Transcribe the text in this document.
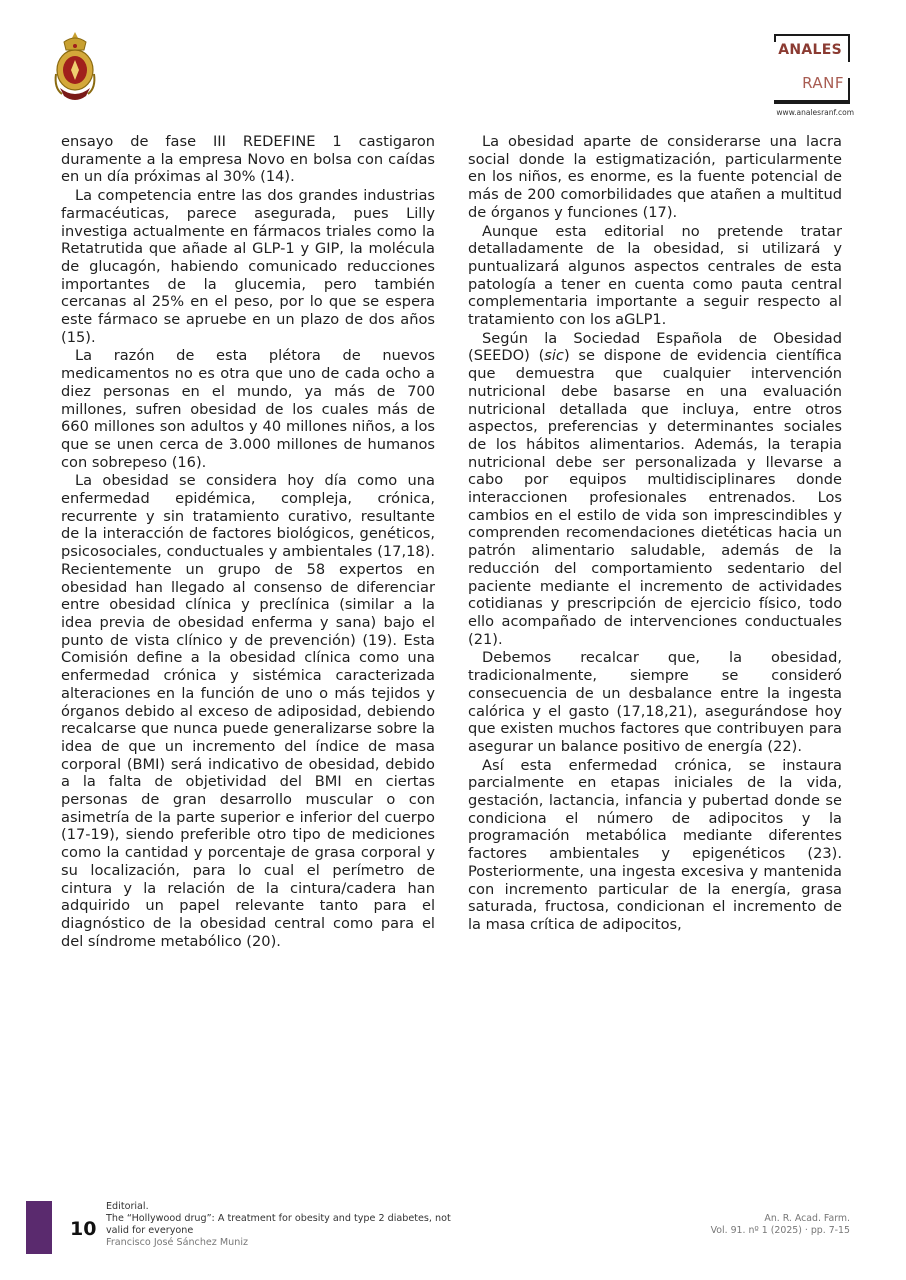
ANALES
RANF
www.analesranf.com

ensayo de fase III REDEFINE 1 castigaron duramente a la empresa Novo en bolsa con caídas en un día próximas al 30% (14).

La competencia entre las dos grandes industrias farmacéuticas, parece asegurada, pues Lilly investiga actualmente en fármacos triales como la Retatrutida que añade al GLP-1 y GIP, la molécula de glucagón, habiendo comunicado reducciones importantes de la glucemia, pero también cercanas al 25% en el peso, por lo que se espera este fármaco se apruebe en un plazo de dos años (15).

La razón de esta plétora de nuevos medicamentos no es otra que uno de cada ocho a diez personas en el mundo, ya más de 700 millones, sufren obesidad de los cuales más de 660 millones son adultos y 40 millones niños, a los que se unen cerca de 3.000 millones de humanos con sobrepeso (16).

La obesidad se considera hoy día como una enfermedad epidémica, compleja, crónica, recurrente y sin tratamiento curativo, resultante de la interacción de factores biológicos, genéticos, psicosociales, conductuales y ambientales (17,18). Recientemente un grupo de 58 expertos en obesidad han llegado al consenso de diferenciar entre obesidad clínica y preclínica (similar a la idea previa de obesidad enferma y sana) bajo el punto de vista clínico y de prevención) (19). Esta Comisión define a la obesidad clínica como una enfermedad crónica y sistémica caracterizada alteraciones en la función de uno o más tejidos y órganos debido al exceso de adiposidad, debiendo recalcarse que nunca puede generalizarse sobre la idea de que un incremento del índice de masa corporal (BMI) será indicativo de obesidad, debido a la falta de objetividad del BMI en ciertas personas de gran desarrollo muscular o con asimetría de la parte superior e inferior del cuerpo (17-19), siendo preferible otro tipo de mediciones como la cantidad y porcentaje de grasa corporal y su localización, para lo cual el perímetro de cintura y la relación de la cintura/cadera han adquirido un papel relevante tanto para el diagnóstico de la obesidad central como para el del síndrome metabólico (20).

La obesidad aparte de considerarse una lacra social donde la estigmatización, particularmente en los niños, es enorme, es la fuente potencial de más de 200 comorbilidades que atañen a multitud de órganos y funciones (17).

Aunque esta editorial no pretende tratar detalladamente de la obesidad, si utilizará y puntualizará algunos aspectos centrales de esta patología a tener en cuenta como pauta central complementaria importante a seguir respecto al tratamiento con los aGLP1.

Según la Sociedad Española de Obesidad (SEEDO) (sic) se dispone de evidencia científica que demuestra que cualquier intervención nutricional debe basarse en una evaluación nutricional detallada que incluya, entre otros aspectos, preferencias y determinantes sociales de los hábitos alimentarios. Además, la terapia nutricional debe ser personalizada y llevarse a cabo por equipos multidisciplinares donde interaccionen profesionales entrenados. Los cambios en el estilo de vida son imprescindibles y comprenden recomendaciones dietéticas hacia un patrón alimentario saludable, además de la reducción del comportamiento sedentario del paciente mediante el incremento de actividades cotidianas y prescripción de ejercicio físico, todo ello acompañado de intervenciones conductuales (21).

Debemos recalcar que, la obesidad, tradicionalmente, siempre se consideró consecuencia de un desbalance entre la ingesta calórica y el gasto (17,18,21), asegurándose hoy que existen muchos factores que contribuyen para asegurar un balance positivo de energía (22).

Así esta enfermedad crónica, se instaura parcialmente en etapas iniciales de la vida, gestación, lactancia, infancia y pubertad donde se condiciona el número de adipocitos y la programación metabólica mediante diferentes factores ambientales y epigenéticos (23). Posteriormente, una ingesta excesiva y mantenida con incremento particular de la energía, grasa saturada, fructosa, condicionan el incremento de la masa crítica de adipocitos,

10
Editorial.
The “Hollywood drug”: A treatment for obesity and type 2 diabetes, not valid for everyone
Francisco José Sánchez Muniz
An. R. Acad. Farm.
Vol. 91. nº 1 (2025) · pp. 7-15
